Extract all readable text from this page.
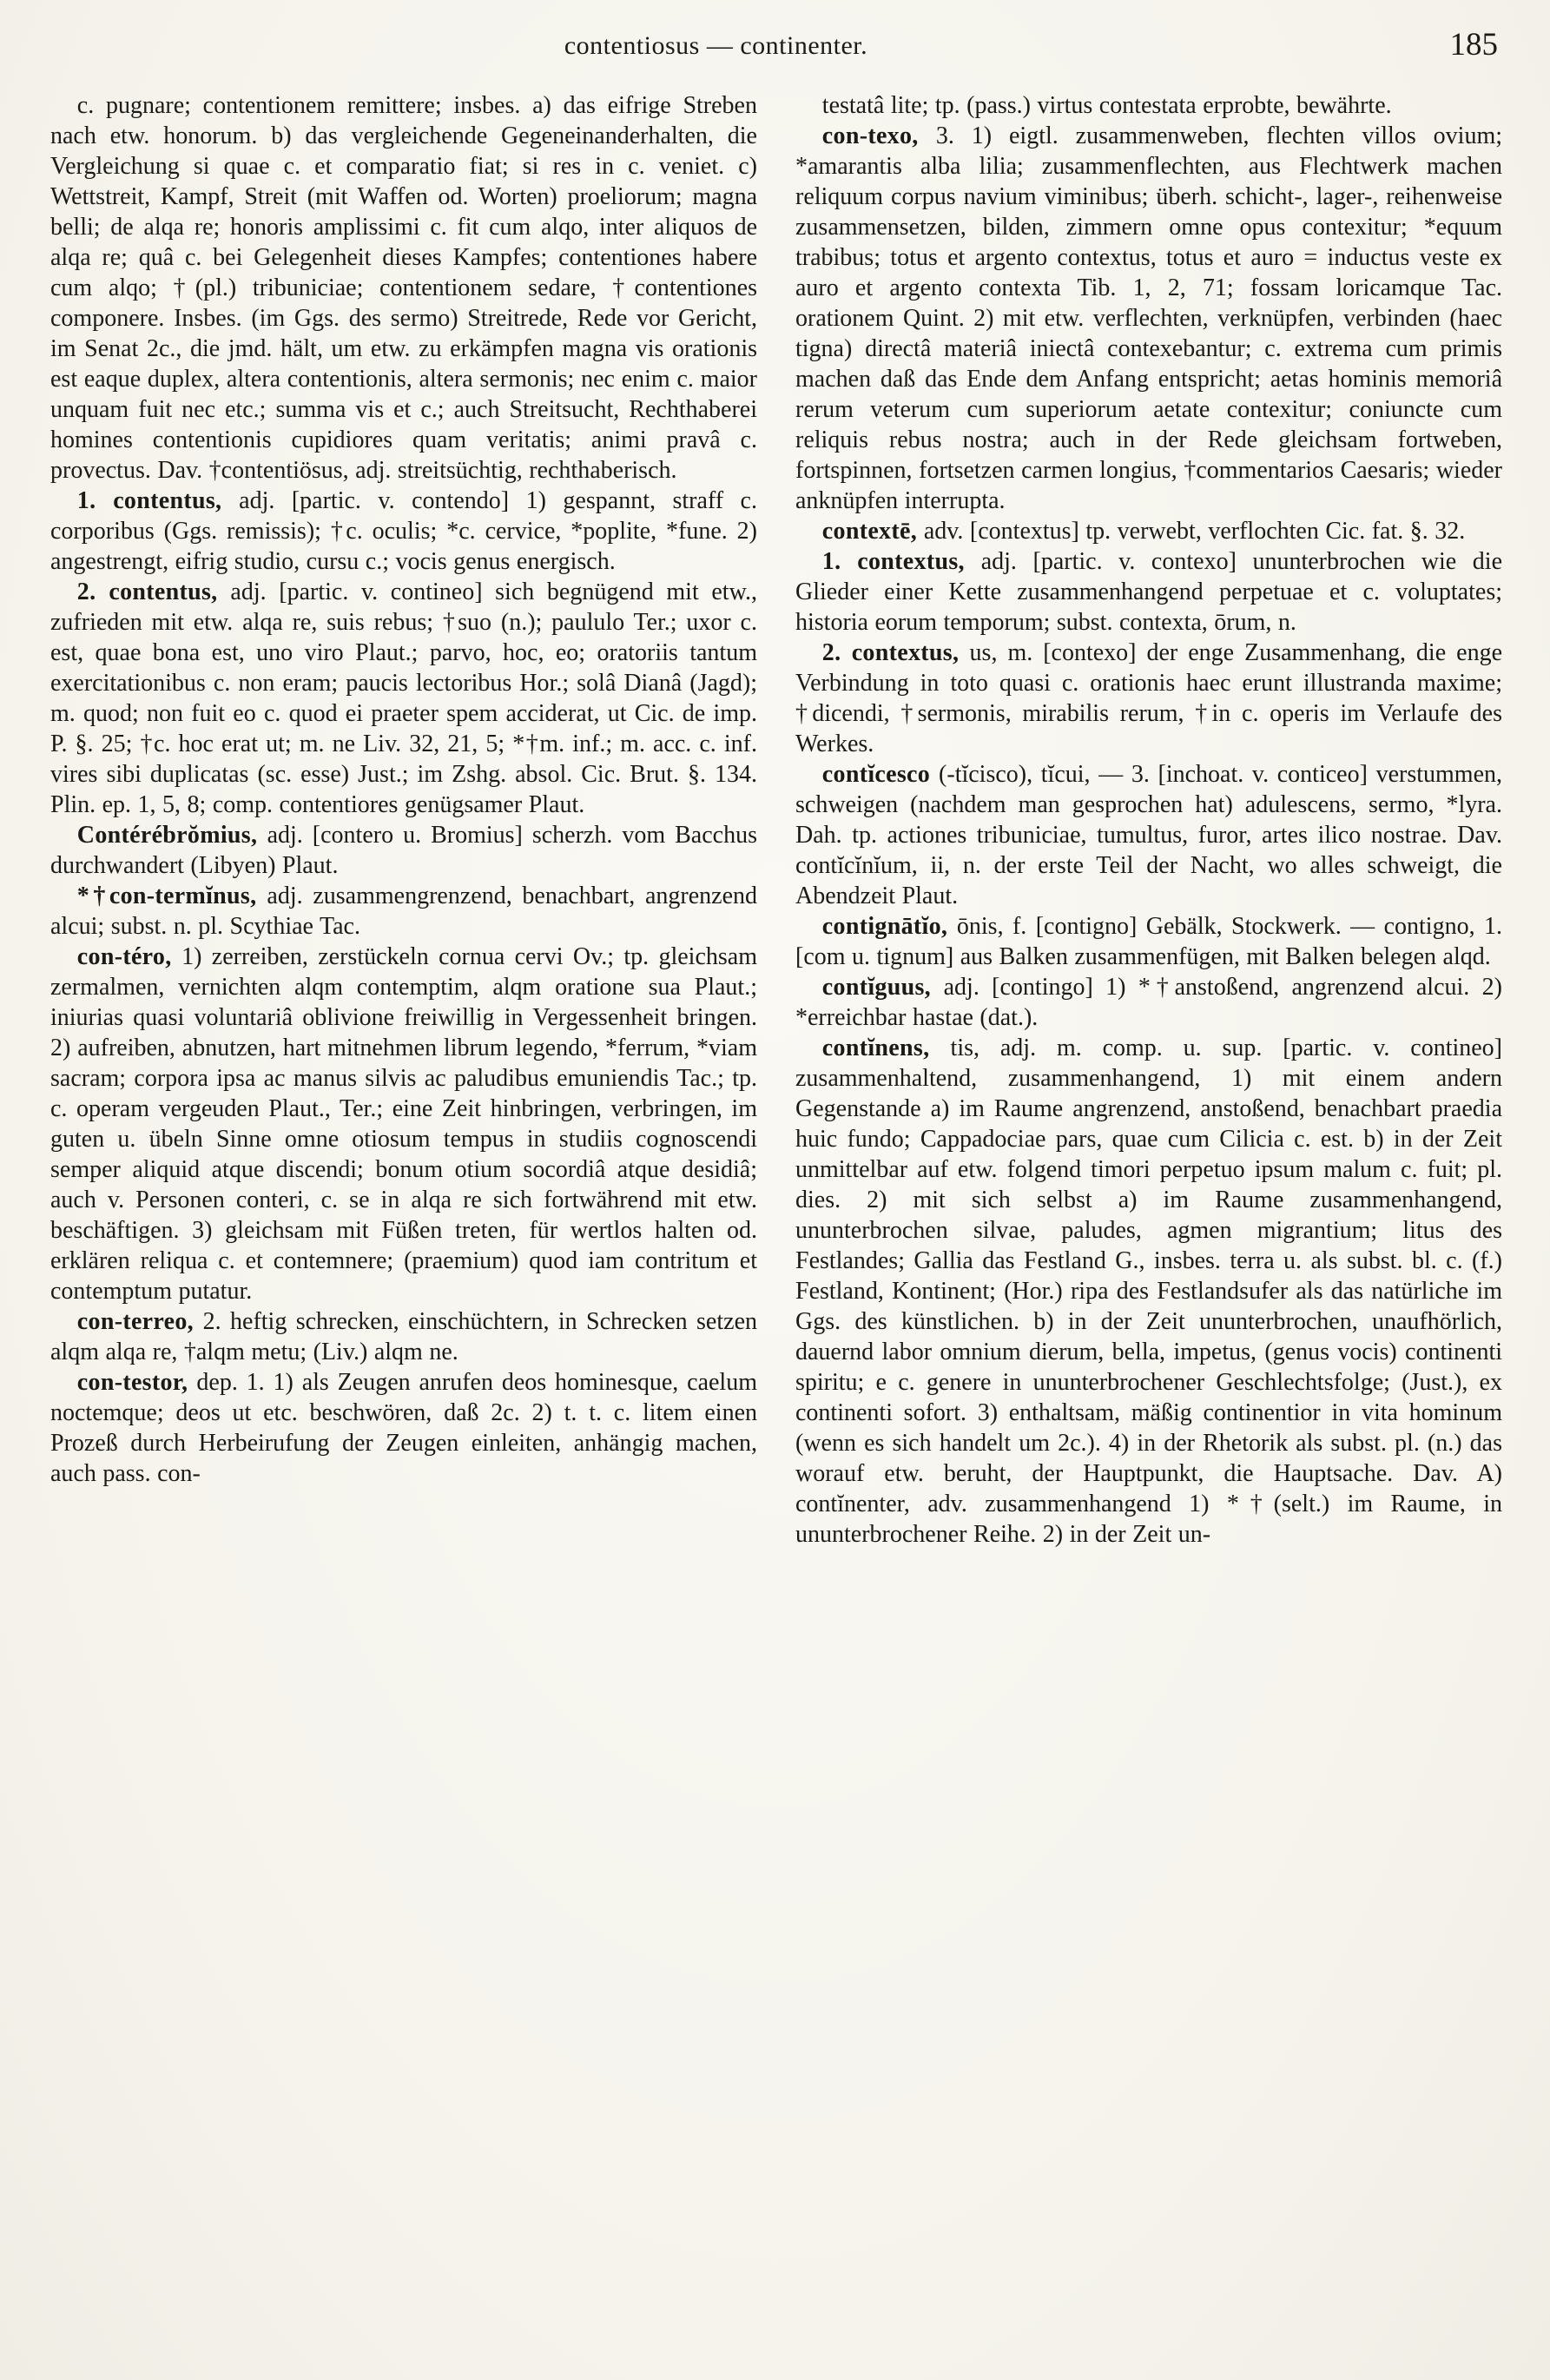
contentiosus — continenter.	185

c. pugnare; contentionem remittere; insbes. a) das eifrige Streben nach etw. honorum. b) das vergleichende Gegeneinanderhalten, die Vergleichung si quae c. et comparatio fiat; si res in c. veniet. c) Wettstreit, Kampf, Streit (mit Waffen od. Worten) proeliorum; magna belli; de alqa re; honoris amplissimi c. fit cum alqo, inter aliquos de alqa re; quâ c. bei Gelegenheit dieses Kampfes; contentiones habere cum alqo; †(pl.) tribuniciae; contentionem sedare, †contentiones componere. Insbes. (im Ggs. des sermo) Streitrede, Rede vor Gericht, im Senat 2c., die jmd. hält, um etw. zu erkämpfen magna vis orationis est eaque duplex, altera contentionis, altera sermonis; nec enim c. maior unquam fuit nec etc.; summa vis et c.; auch Streitsucht, Rechthaberei homines contentionis cupidiores quam veritatis; animi pravâ c. provectus. Dav. †contentiösus, adj. streitsüchtig, rechthaberisch.

1. contentus, adj. [partic. v. contendo] 1) gespannt, straff c. corporibus (Ggs. remissis); †c. oculis; *c. cervice, *poplite, *fune. 2) angestrengt, eifrig studio, cursu c.; vocis genus energisch.

2. contentus, adj. [partic. v. contineo] sich begnügend mit etw., zufrieden mit etw. alqa re, suis rebus; †suo (n.); paululo Ter.; uxor c. est, quae bona est, uno viro Plaut.; parvo, hoc, eo; oratoriis tantum exercitationibus c. non eram; paucis lectoribus Hor.; solâ Dianâ (Jagd); m. quod; non fuit eo c. quod ei praeter spem acciderat, ut Cic. de imp. P. §. 25; †c. hoc erat ut; m. ne Liv. 32, 21, 5; *†m. inf.; m. acc. c. inf. vires sibi duplicatas (sc. esse) Just.; im Zshg. absol. Cic. Brut. §. 134. Plin. ep. 1, 5, 8; comp. contentiores genügsamer Plaut.

Contérébrŏmius, adj. [contero u. Bromius] scherzh. vom Bacchus durchwandert (Libyen) Plaut.

*†con-termĭnus, adj. zusammengrenzend, benachbart, angrenzend alcui; subst. n. pl. Scythiae Tac.

con-téro, 1) zerreiben, zerstückeln cornua cervi Ov.; tp. gleichsam zermalmen, vernichten alqm contemptim, alqm oratione sua Plaut.; iniurias quasi voluntariâ oblivione freiwillig in Vergessenheit bringen. 2) aufreiben, abnutzen, hart mitnehmen librum legendo, *ferrum, *viam sacram; corpora ipsa ac manus silvis ac paludibus emuniendis Tac.; tp. c. operam vergeuden Plaut., Ter.; eine Zeit hinbringen, verbringen, im guten u. übeln Sinne omne otiosum tempus in studiis cognoscendi semper aliquid atque discendi; bonum otium socordiâ atque desidiâ; auch v. Personen conteri, c. se in alqa re sich fortwährend mit etw. beschäftigen. 3) gleichsam mit Füßen treten, für wertlos halten od. erklären reliqua c. et contemnere; (praemium) quod iam contritum et contemptum putatur.

con-terreo, 2. heftig schrecken, einschüchtern, in Schrecken setzen alqm alqa re, †alqm metu; (Liv.) alqm ne.

con-testor, dep. 1. 1) als Zeugen anrufen deos hominesque, caelum noctemque; deos ut etc. beschwören, daß 2c. 2) t. t. c. litem einen Prozeß durch Herbeirufung der Zeugen einleiten, anhängig machen, auch pass. con-

testatâ lite; tp. (pass.) virtus contestata erprobte, bewährte.

con-texo, 3. 1) eigtl. zusammenweben, flechten villos ovium; *amarantis alba lilia; zusammenflechten, aus Flechtwerk machen reliquum corpus navium viminibus; überh. schicht-, lager-, reihenweise zusammensetzen, bilden, zimmern omne opus contexitur; *equum trabibus; totus et argento contextus, totus et auro = inductus veste ex auro et argento contexta Tib. 1, 2, 71; fossam loricamque Tac. orationem Quint. 2) mit etw. verflechten, verknüpfen, verbinden (haec tigna) directâ materiâ iniectâ contexebantur; c. extrema cum primis machen daß das Ende dem Anfang entspricht; aetas hominis memoriâ rerum veterum cum superiorum aetate contexitur; coniuncte cum reliquis rebus nostra; auch in der Rede gleichsam fortweben, fortspinnen, fortsetzen carmen longius, †commentarios Caesaris; wieder anknüpfen interrupta.

contextē, adv. [contextus] tp. verwebt, verflochten Cic. fat. §. 32.

1. contextus, adj. [partic. v. contexo] ununterbrochen wie die Glieder einer Kette zusammenhangend perpetuae et c. voluptates; historia eorum temporum; subst. contexta, ōrum, n.

2. contextus, us, m. [contexo] der enge Zusammenhang, die enge Verbindung in toto quasi c. orationis haec erunt illustranda maxime; †dicendi, †sermonis, mirabilis rerum, †in c. operis im Verlaufe des Werkes.

contĭcesco (-tĭcisco), tĭcui, — 3. [inchoat. v. conticeo] verstummen, schweigen (nachdem man gesprochen hat) adulescens, sermo, *lyra. Dah. tp. actiones tribuniciae, tumultus, furor, artes ilico nostrae. Dav. contĭcĭnĭum, ii, n. der erste Teil der Nacht, wo alles schweigt, die Abendzeit Plaut.

contignātĭo, ōnis, f. [contigno] Gebälk, Stockwerk. — contigno, 1. [com u. tignum] aus Balken zusammenfügen, mit Balken belegen alqd.

contĭguus, adj. [contingo] 1) *†anstoßend, angrenzend alcui. 2) *erreichbar hastae (dat.).

contĭnens, tis, adj. m. comp. u. sup. [partic. v. contineo] zusammenhaltend, zusammenhangend, 1) mit einem andern Gegenstande a) im Raume angrenzend, anstoßend, benachbart praedia huic fundo; Cappadociae pars, quae cum Cilicia c. est. b) in der Zeit unmittelbar auf etw. folgend timori perpetuo ipsum malum c. fuit; pl. dies. 2) mit sich selbst a) im Raume zusammenhangend, ununterbrochen silvae, paludes, agmen migrantium; litus des Festlandes; Gallia das Festland G., insbes. terra u. als subst. bl. c. (f.) Festland, Kontinent; (Hor.) ripa des Festlandsufer als das natürliche im Ggs. des künstlichen. b) in der Zeit ununterbrochen, unaufhörlich, dauernd labor omnium dierum, bella, impetus, (genus vocis) continenti spiritu; e c. genere in ununterbrochener Geschlechtsfolge; (Just.), ex continenti sofort. 3) enthaltsam, mäßig continentior in vita hominum (wenn es sich handelt um 2c.). 4) in der Rhetorik als subst. pl. (n.) das worauf etw. beruht, der Hauptpunkt, die Hauptsache. Dav. A) contĭnenter, adv. zusammenhangend 1) *†(selt.) im Raume, in ununterbrochener Reihe. 2) in der Zeit un-
